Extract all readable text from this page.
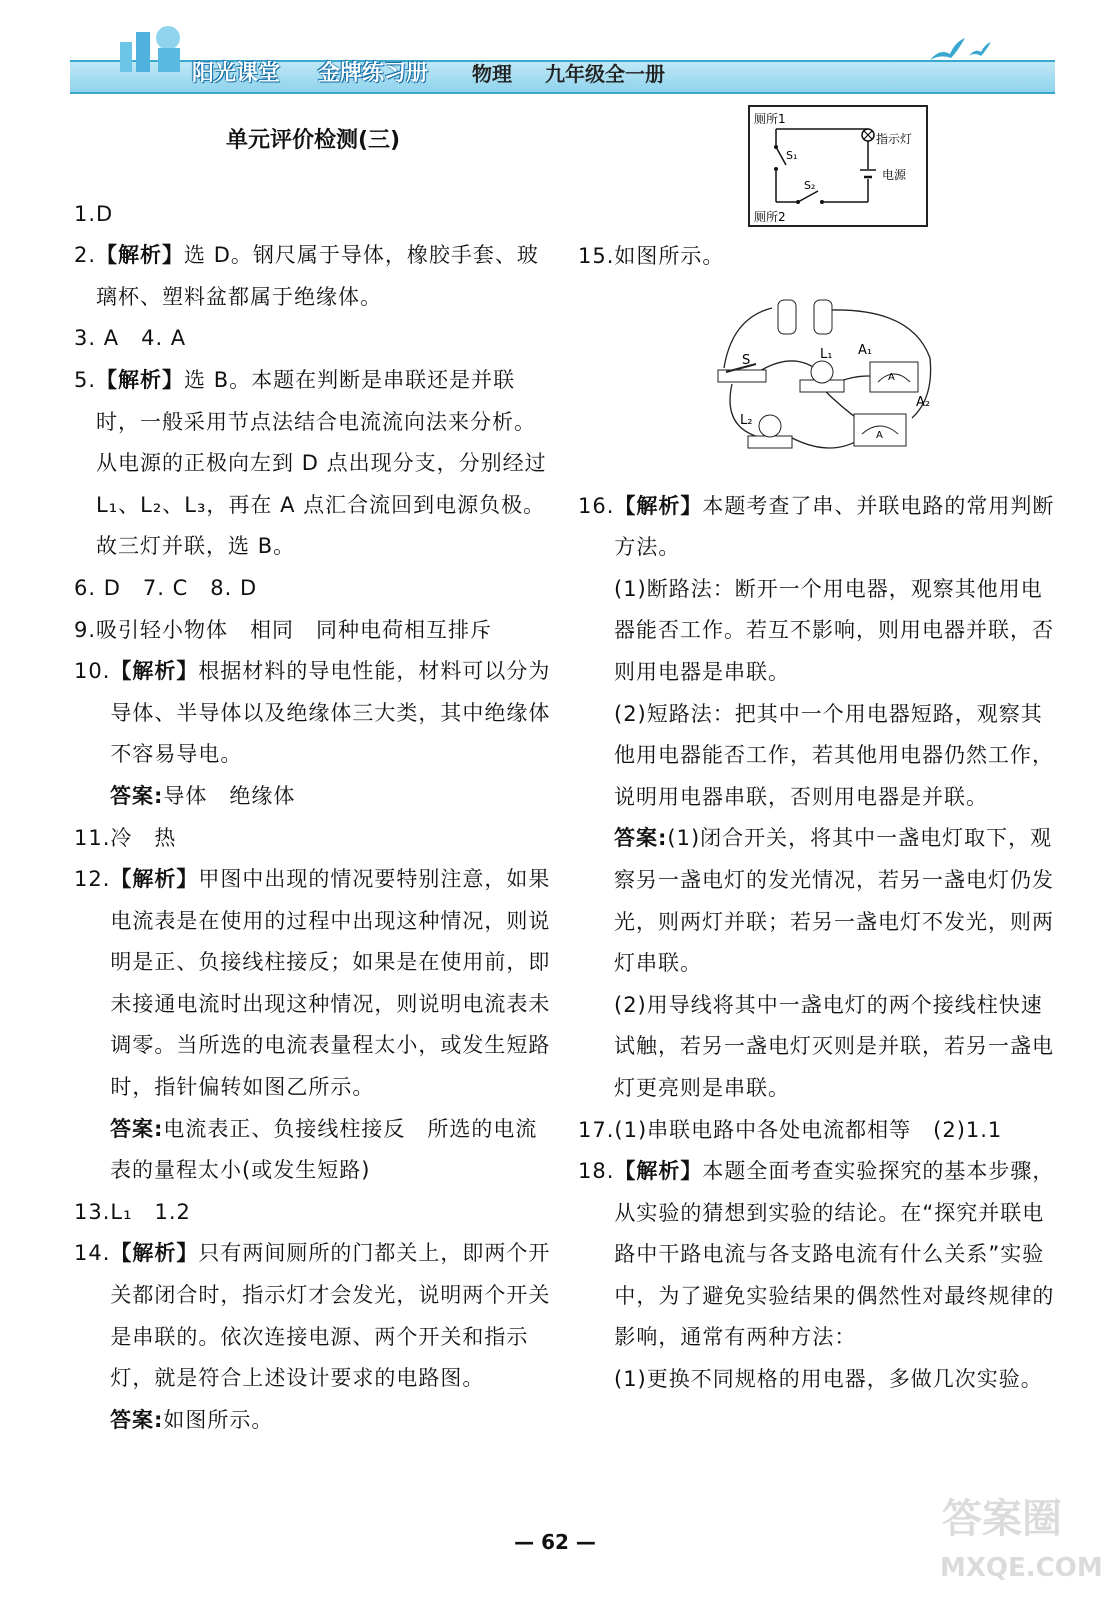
阳光课堂 金牌练习册 物理 九年级全一册
单元评价检测(三)
1. D
2. 【解析】选 D。钢尺属于导体，橡胶手套、玻璃杯、塑料盆都属于绝缘体。
3. A　4. A
5. 【解析】选 B。本题在判断是串联还是并联时，一般采用节点法结合电流流向法来分析。从电源的正极向左到 D 点出现分支，分别经过 L₁、L₂、L₃，再在 A 点汇合流回到电源负极。故三灯并联，选 B。
6. D　7. C　8. D
9. 吸引轻小物体　相同　同种电荷相互排斥
10. 【解析】根据材料的导电性能，材料可以分为导体、半导体以及绝缘体三大类，其中绝缘体不容易导电。
答案:导体　绝缘体
11. 冷　热
12. 【解析】甲图中出现的情况要特别注意，如果电流表是在使用的过程中出现这种情况，则说明是正、负接线柱接反；如果是在使用前，即未接通电流时出现这种情况，则说明电流表未调零。当所选的电流表量程太小，或发生短路时，指针偏转如图乙所示。
答案:电流表正、负接线柱接反　所选的电流表的量程太小(或发生短路)
13. L₁　1.2
14. 【解析】只有两间厕所的门都关上，即两个开关都闭合时，指示灯才会发光，说明两个开关是串联的。依次连接电源、两个开关和指示灯，就是符合上述设计要求的电路图。
答案:如图所示。
厕所1
厕所2
S₁
S₂
指示灯
电源
S	L₁
L₂
A₁
A₂
A
A
15. 如图所示。
16. 【解析】本题考查了串、并联电路的常用判断方法。
(1)断路法：断开一个用电器，观察其他用电器能否工作。若互不影响，则用电器并联，否则用电器是串联。
(2)短路法：把其中一个用电器短路，观察其他用电器能否工作，若其他用电器仍然工作，说明用电器串联，否则用电器是并联。
答案:(1)闭合开关，将其中一盏电灯取下，观察另一盏电灯的发光情况，若另一盏电灯仍发光，则两灯并联；若另一盏电灯不发光，则两灯串联。
(2)用导线将其中一盏电灯的两个接线柱快速试触，若另一盏电灯灭则是并联，若另一盏电灯更亮则是串联。
17. (1)串联电路中各处电流都相等　(2)1.1
18. 【解析】本题全面考查实验探究的基本步骤，从实验的猜想到实验的结论。在“探究并联电路中干路电流与各支路电流有什么关系”实验中，为了避免实验结果的偶然性对最终规律的影响，通常有两种方法：
(1)更换不同规格的用电器，多做几次实验。
— 62 —	答案圈
MXQE.COM
